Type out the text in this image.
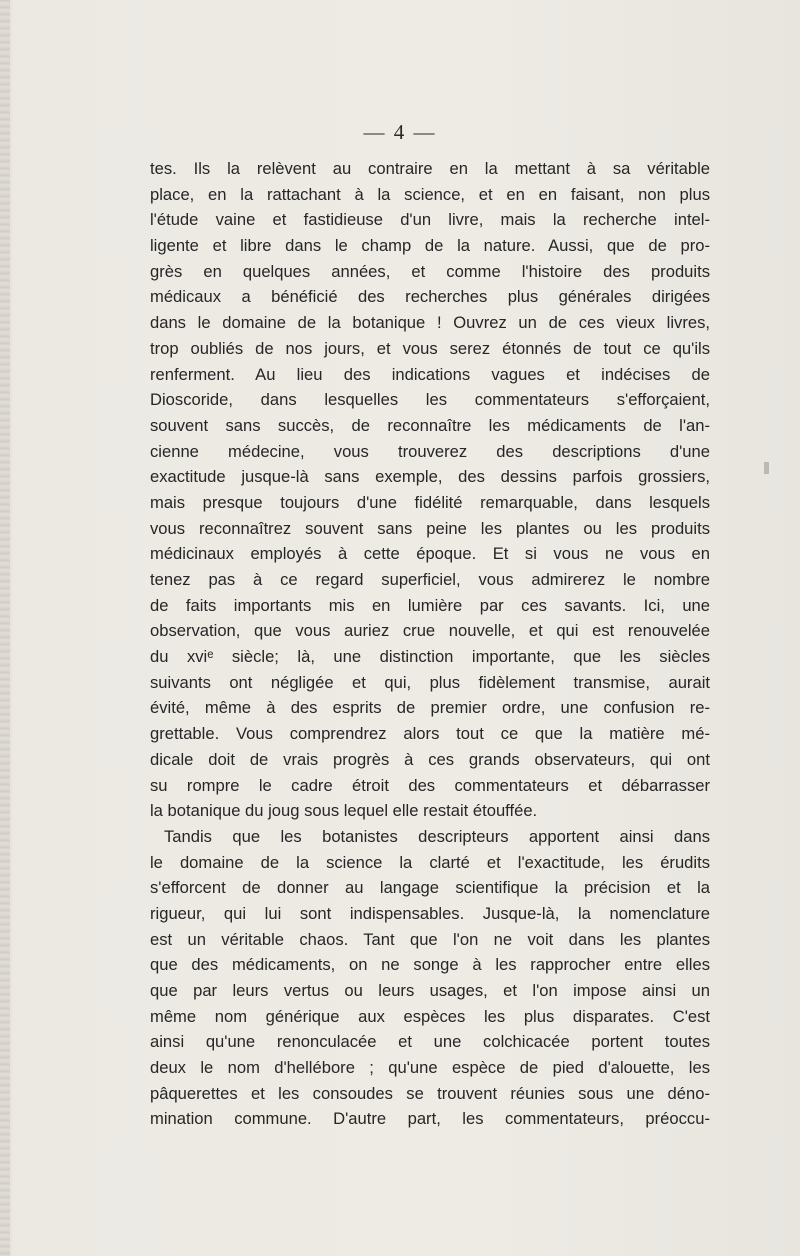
— 4 —
tes. Ils la relèvent au contraire en la mettant à sa véritable
place, en la rattachant à la science, et en en faisant, non plus
l'étude vaine et fastidieuse d'un livre, mais la recherche intel-
ligente et libre dans le champ de la nature. Aussi, que de pro-
grès en quelques années, et comme l'histoire des produits
médicaux a bénéficié des recherches plus générales dirigées
dans le domaine de la botanique ! Ouvrez un de ces vieux livres,
trop oubliés de nos jours, et vous serez étonnés de tout ce qu'ils
renferment. Au lieu des indications vagues et indécises de
Dioscoride, dans lesquelles les commentateurs s'efforçaient,
souvent sans succès, de reconnaître les médicaments de l'an-
cienne médecine, vous trouverez des descriptions d'une
exactitude jusque-là sans exemple, des dessins parfois grossiers,
mais presque toujours d'une fidélité remarquable, dans lesquels
vous reconnaîtrez souvent sans peine les plantes ou les produits
médicinaux employés à cette époque. Et si vous ne vous en
tenez pas à ce regard superficiel, vous admirerez le nombre
de faits importants mis en lumière par ces savants. Ici, une
observation, que vous auriez crue nouvelle, et qui est renouvelée
du xviᵉ siècle; là, une distinction importante, que les siècles
suivants ont négligée et qui, plus fidèlement transmise, aurait
évité, même à des esprits de premier ordre, une confusion re-
grettable. Vous comprendrez alors tout ce que la matière mé-
dicale doit de vrais progrès à ces grands observateurs, qui ont
su rompre le cadre étroit des commentateurs et débarrasser
la botanique du joug sous lequel elle restait étouffée.
Tandis que les botanistes descripteurs apportent ainsi dans
le domaine de la science la clarté et l'exactitude, les érudits
s'efforcent de donner au langage scientifique la précision et la
rigueur, qui lui sont indispensables. Jusque-là, la nomenclature
est un véritable chaos. Tant que l'on ne voit dans les plantes
que des médicaments, on ne songe à les rapprocher entre elles
que par leurs vertus ou leurs usages, et l'on impose ainsi un
même nom générique aux espèces les plus disparates. C'est
ainsi qu'une renonculacée et une colchicacée portent toutes
deux le nom d'hellébore ; qu'une espèce de pied d'alouette, les
pâquerettes et les consoudes se trouvent réunies sous une déno-
mination commune. D'autre part, les commentateurs, préoccu-
